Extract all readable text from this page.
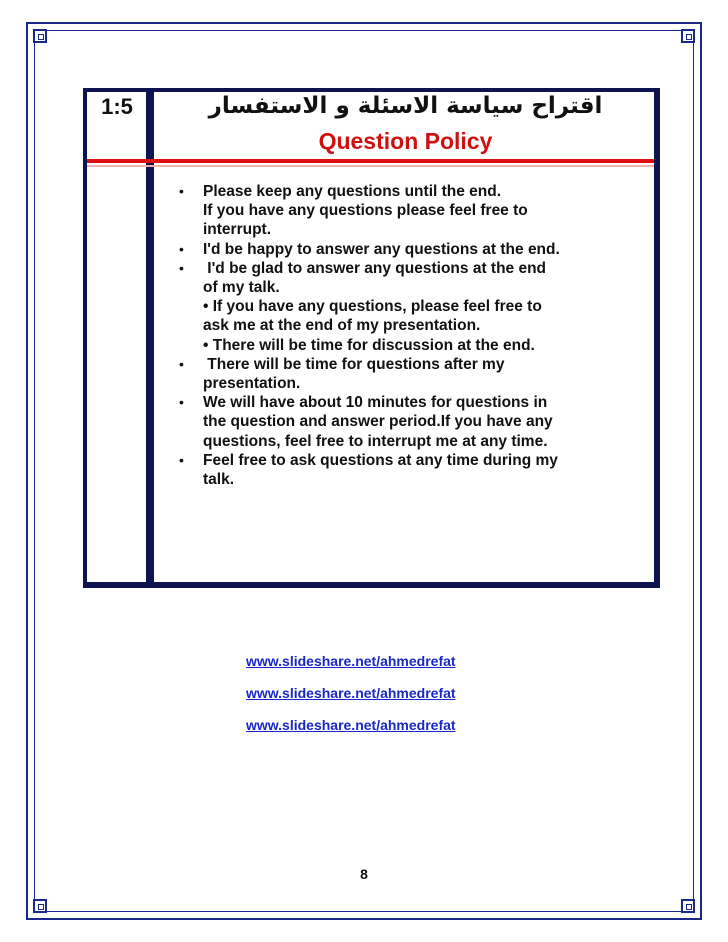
1:5	اقتراح سياسة الاسئلة و الاستفسار
Question Policy
• Please keep any questions until the end.
If you have any questions please feel free to
interrupt.
• I'd be happy to answer any questions at the end.
• I'd be glad to answer any questions at the end
of my talk.
• If you have any questions, please feel free to
ask me at the end of my presentation.
• There will be time for discussion at the end.
• There will be time for questions after my
presentation.
• We will have about 10 minutes for questions in
the question and answer period.If you have any
questions, feel free to interrupt me at any time.
• Feel free to ask questions at any time during my
talk.
www.slideshare.net/ahmedrefat
www.slideshare.net/ahmedrefat
www.slideshare.net/ahmedrefat
8
